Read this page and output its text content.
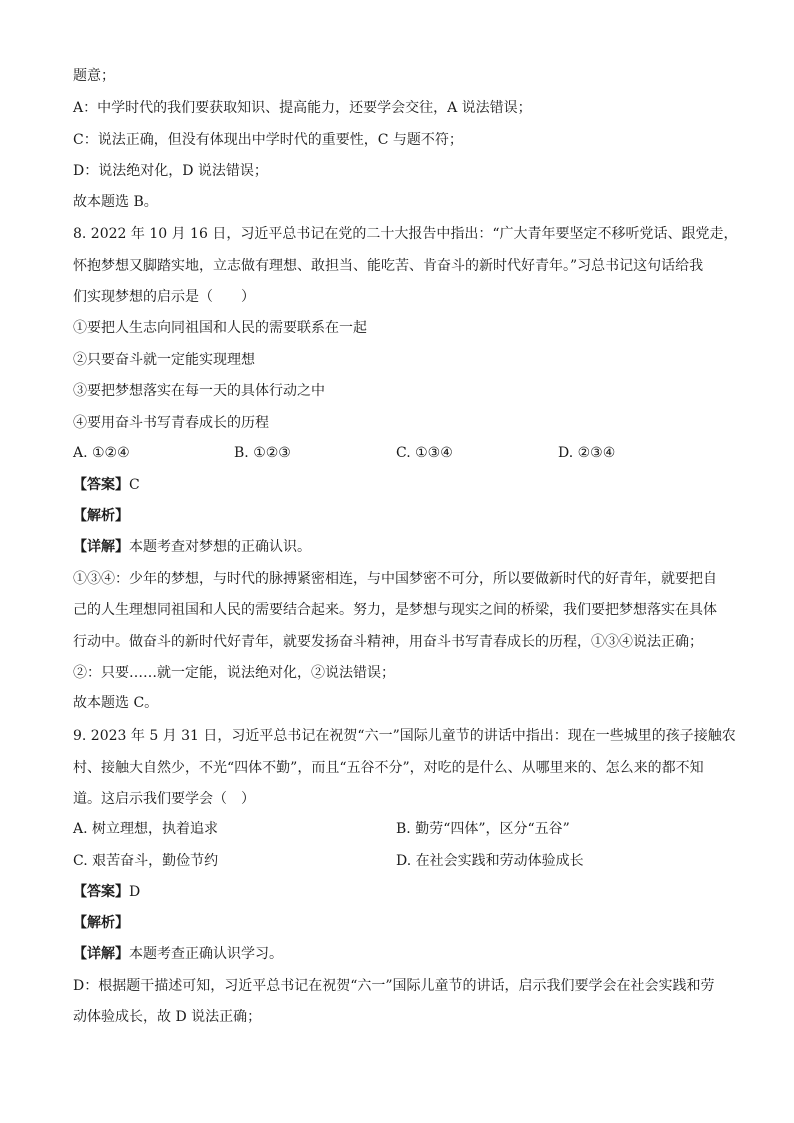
题意；
A：中学时代的我们要获取知识、提高能力，还要学会交往，A 说法错误；
C：说法正确，但没有体现出中学时代的重要性，C 与题不符；
D：说法绝对化，D 说法错误；
故本题选 B。
8. 2022 年 10 月 16 日，习近平总书记在党的二十大报告中指出：“广大青年要坚定不移听党话、跟党走，
怀抱梦想又脚踏实地，立志做有理想、敢担当、能吃苦、肯奋斗的新时代好青年。”习总书记这句话给我
们实现梦想的启示是（　　）
①要把人生志向同祖国和人民的需要联系在一起
②只要奋斗就一定能实现理想
③要把梦想落实在每一天的具体行动之中
④要用奋斗书写青春成长的历程
A. ①②④	B. ①②③	C. ①③④	D. ②③④
【答案】C
【解析】
【详解】本题考查对梦想的正确认识。
①③④：少年的梦想，与时代的脉搏紧密相连，与中国梦密不可分，所以要做新时代的好青年，就要把自
己的人生理想同祖国和人民的需要结合起来。努力，是梦想与现实之间的桥梁，我们要把梦想落实在具体
行动中。做奋斗的新时代好青年，就要发扬奋斗精神，用奋斗书写青春成长的历程，①③④说法正确；
②：只要……就一定能，说法绝对化，②说法错误；
故本题选 C。
9. 2023 年 5 月 31 日，习近平总书记在祝贺“六一”国际儿童节的讲话中指出：现在一些城里的孩子接触农
村、接触大自然少，不光“四体不勤”，而且“五谷不分”，对吃的是什么、从哪里来的、怎么来的都不知
道。这启示我们要学会（　）
A. 树立理想，执着追求	B. 勤劳“四体”，区分“五谷”
C. 艰苦奋斗，勤俭节约	D. 在社会实践和劳动体验成长
【答案】D
【解析】
【详解】本题考查正确认识学习。
D：根据题干描述可知，习近平总书记在祝贺“六一”国际儿童节的讲话，启示我们要学会在社会实践和劳
动体验成长，故 D 说法正确；
